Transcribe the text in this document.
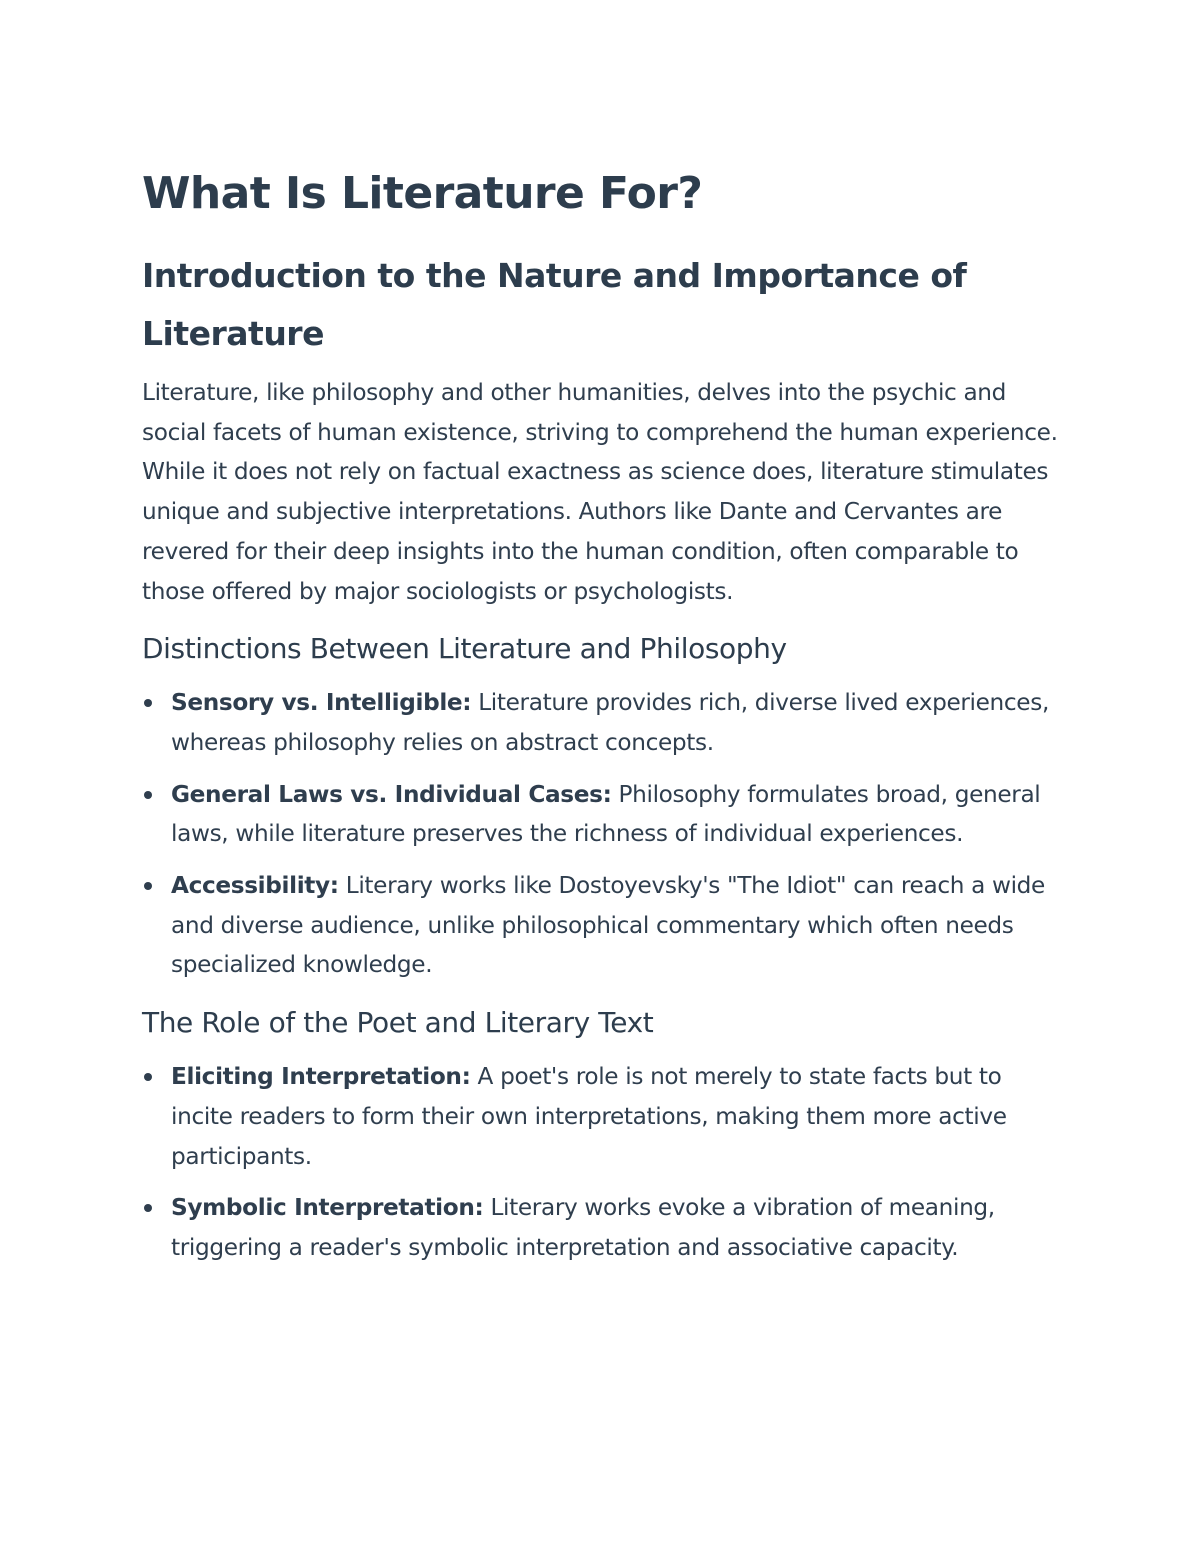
What Is Literature For?
Introduction to the Nature and Importance of Literature

Literature, like philosophy and other humanities, delves into the psychic and social facets of human existence, striving to comprehend the human experience. While it does not rely on factual exactness as science does, literature stimulates unique and subjective interpretations. Authors like Dante and Cervantes are revered for their deep insights into the human condition, often comparable to those offered by major sociologists or psychologists.

Distinctions Between Literature and Philosophy
Sensory vs. Intelligible: Literature provides rich, diverse lived experiences, whereas philosophy relies on abstract concepts.
General Laws vs. Individual Cases: Philosophy formulates broad, general laws, while literature preserves the richness of individual experiences.
Accessibility: Literary works like Dostoyevsky's "The Idiot" can reach a wide and diverse audience, unlike philosophical commentary which often needs specialized knowledge.
The Role of the Poet and Literary Text
Eliciting Interpretation: A poet's role is not merely to state facts but to incite readers to form their own interpretations, making them more active participants.
Symbolic Interpretation: Literary works evoke a vibration of meaning, triggering a reader's symbolic interpretation and associative capacity.
